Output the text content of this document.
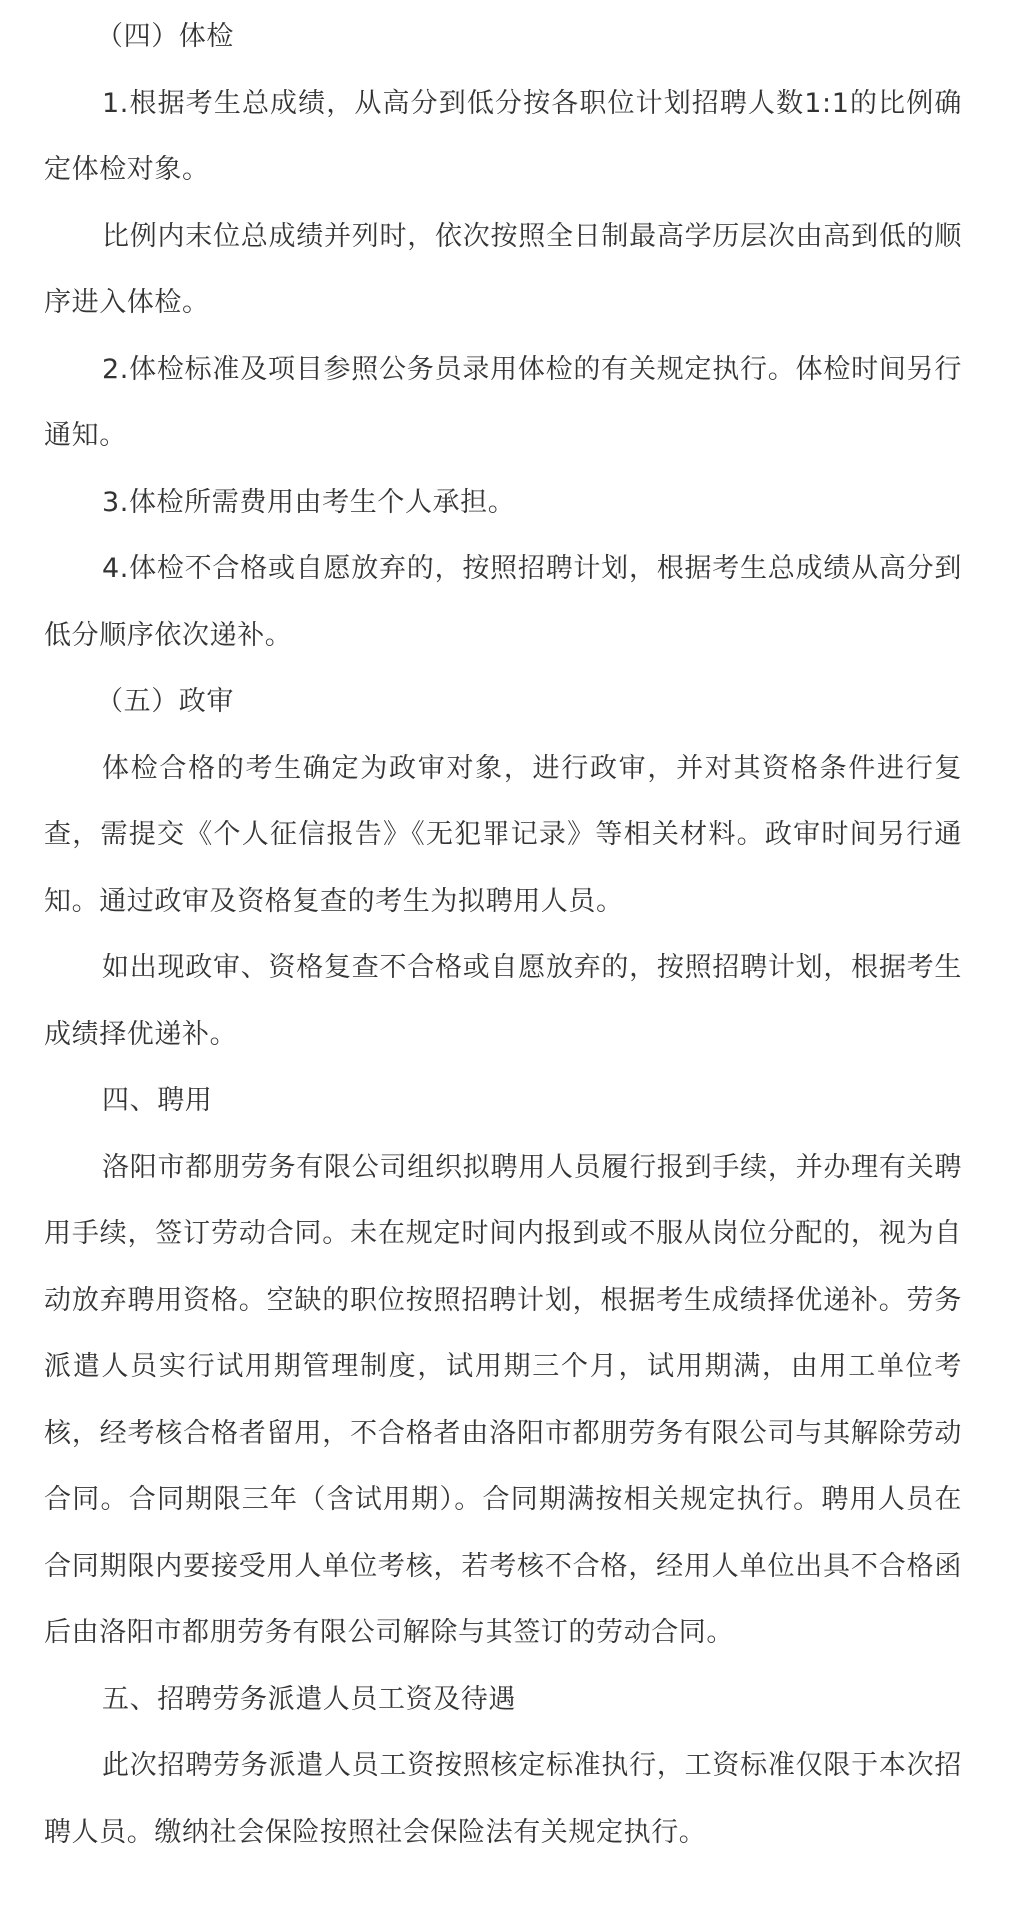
（四）体检

1.根据考生总成绩，从高分到低分按各职位计划招聘人数1:1的比例确定体检对象。

比例内末位总成绩并列时，依次按照全日制最高学历层次由高到低的顺序进入体检。

2.体检标准及项目参照公务员录用体检的有关规定执行。体检时间另行通知。

3.体检所需费用由考生个人承担。

4.体检不合格或自愿放弃的，按照招聘计划，根据考生总成绩从高分到低分顺序依次递补。

（五）政审

体检合格的考生确定为政审对象，进行政审，并对其资格条件进行复查，需提交《个人征信报告》《无犯罪记录》等相关材料。政审时间另行通知。通过政审及资格复查的考生为拟聘用人员。

如出现政审、资格复查不合格或自愿放弃的，按照招聘计划，根据考生成绩择优递补。

四、聘用

洛阳市都朋劳务有限公司组织拟聘用人员履行报到手续，并办理有关聘用手续，签订劳动合同。未在规定时间内报到或不服从岗位分配的，视为自动放弃聘用资格。空缺的职位按照招聘计划，根据考生成绩择优递补。劳务派遣人员实行试用期管理制度，试用期三个月，试用期满，由用工单位考核，经考核合格者留用，不合格者由洛阳市都朋劳务有限公司与其解除劳动合同。合同期限三年（含试用期）。合同期满按相关规定执行。聘用人员在合同期限内要接受用人单位考核，若考核不合格，经用人单位出具不合格函后由洛阳市都朋劳务有限公司解除与其签订的劳动合同。

五、招聘劳务派遣人员工资及待遇

此次招聘劳务派遣人员工资按照核定标准执行，工资标准仅限于本次招聘人员。缴纳社会保险按照社会保险法有关规定执行。
